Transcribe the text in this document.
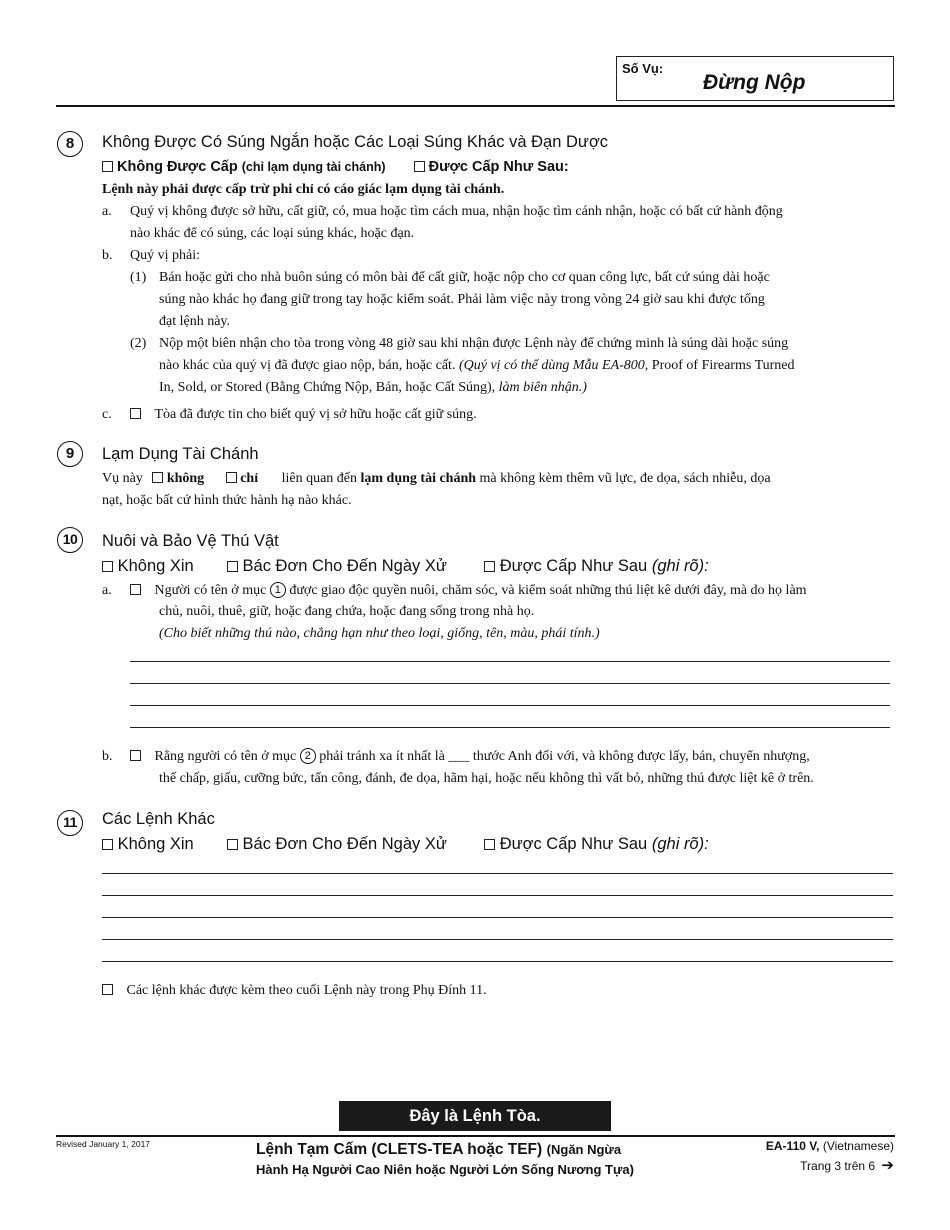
Số Vụ:
Đừng Nộp
8	Không Được Có Súng Ngắn hoặc Các Loại Súng Khác và Đạn Dược
Không Được Cấp (chỉ lạm dụng tài chánh)	Được Cấp Như Sau:
Lệnh này phải được cấp trừ phi chỉ có cáo giác lạm dụng tài chánh.
a. Quý vị không được sở hữu, cất giữ, có, mua hoặc tìm cách mua, nhận hoặc tìm cánh nhận, hoặc có bất cứ hành động
nào khác để có súng, các loại súng khác, hoặc đạn.
b. Quý vị phải:
(1) Bán hoặc gửi cho nhà buôn súng có môn bài để cất giữ, hoặc nộp cho cơ quan công lực, bất cứ súng dài hoặc
súng nào khác họ đang giữ trong tay hoặc kiểm soát. Phải làm việc này trong vòng 24 giờ sau khi được tống
đạt lệnh này.
(2) Nộp một biên nhận cho tòa trong vòng 48 giờ sau khi nhận được Lệnh này để chứng minh là súng dài hoặc súng
nào khác của quý vị đã được giao nộp, bán, hoặc cất. (Quý vị có thể dùng Mẫu EA-800, Proof of Firearms Turned
In, Sold, or Stored (Bằng Chứng Nộp, Bán, hoặc Cất Súng), làm biên nhận.)
c.	Tòa đã được tin cho biết quý vị sở hữu hoặc cất giữ súng.
9	Lạm Dụng Tài Chánh
Vụ này không	chỉ liên quan đến lạm dụng tài chánh mà không kèm thêm vũ lực, đe dọa, sách nhiễu, dọa
nạt, hoặc bất cứ hình thức hành hạ nào khác.
10	Nuôi và Bảo Vệ Thú Vật
Không Xin	Bác Đơn Cho Đến Ngày Xử	Được Cấp Như Sau (ghi rõ):
a.	Người có tên ở mục 1 được giao độc quyền nuôi, chăm sóc, và kiểm soát những thú liệt kê dưới đây, mà do họ làm
chủ, nuôi, thuê, giữ, hoặc đang chứa, hoặc đang sống trong nhà họ.
(Cho biết những thú nào, chẳng hạn như theo loại, giống, tên, màu, phái tính.)
b.	Rằng người có tên ở mục 2 phải tránh xa ít nhất là ___ thước Anh đối với, và không được lấy, bán, chuyển nhượng,
thế chấp, giấu, cưỡng bức, tấn công, đánh, đe dọa, hãm hại, hoặc nếu không thì vất bỏ, những thú được liệt kê ở trên.
11	Các Lệnh Khác
Không Xin	Bác Đơn Cho Đến Ngày Xử	Được Cấp Như Sau (ghi rõ):
Các lệnh khác được kèm theo cuối Lệnh này trong Phụ Đính 11.
Đây là Lệnh Tòa.
Revised January 1, 2017	Lệnh Tạm Cấm (CLETS-TEA hoặc TEF) (Ngăn Ngừa
Hành Hạ Người Cao Niên hoặc Người Lớn Sống Nương Tựa)
EA-110 V, (Vietnamese)
Trang 3 trên 6 ➔
